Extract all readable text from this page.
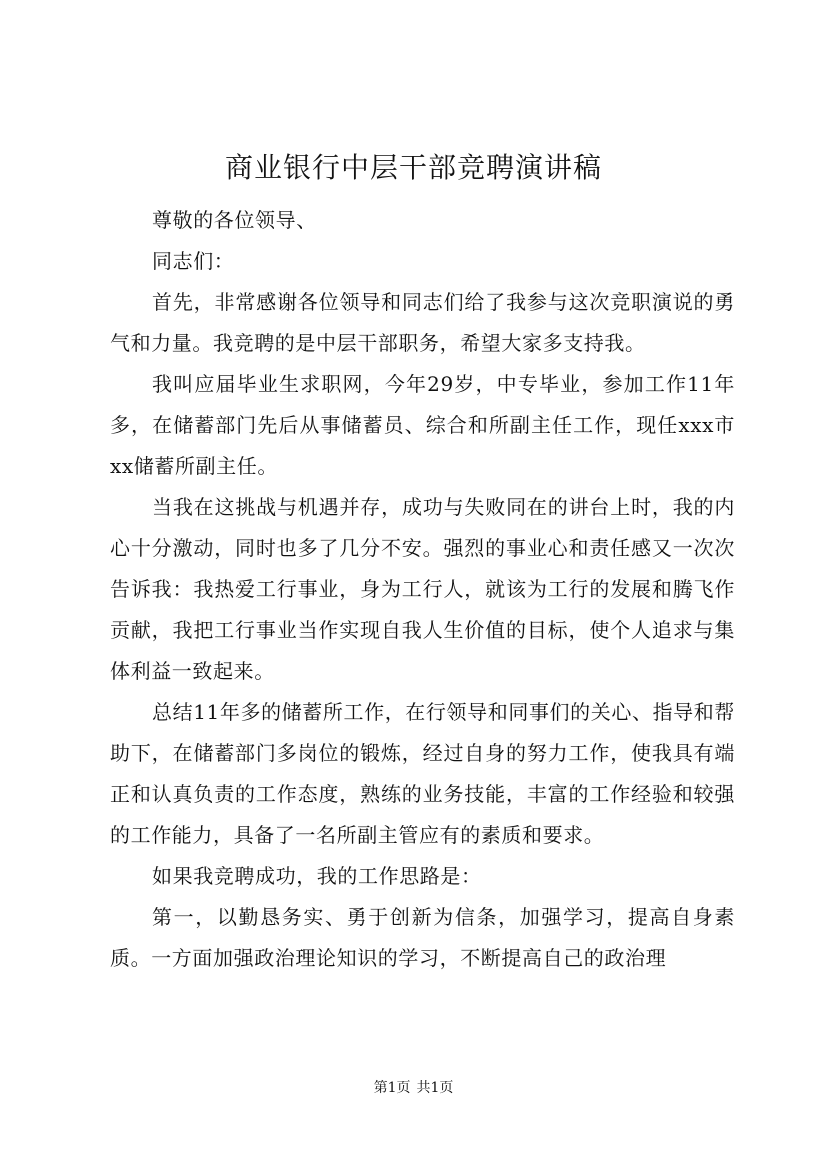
商业银行中层干部竞聘演讲稿

尊敬的各位领导、

同志们：

首先，非常感谢各位领导和同志们给了我参与这次竞职演说的勇气和力量。我竞聘的是中层干部职务，希望大家多支持我。

我叫应届毕业生求职网，今年29岁，中专毕业，参加工作11年多，在储蓄部门先后从事储蓄员、综合和所副主任工作，现任xxx市xx储蓄所副主任。

当我在这挑战与机遇并存，成功与失败同在的讲台上时，我的内心十分激动，同时也多了几分不安。强烈的事业心和责任感又一次次告诉我：我热爱工行事业，身为工行人，就该为工行的发展和腾飞作贡献，我把工行事业当作实现自我人生价值的目标，使个人追求与集体利益一致起来。

总结11年多的储蓄所工作，在行领导和同事们的关心、指导和帮助下，在储蓄部门多岗位的锻炼，经过自身的努力工作，使我具有端正和认真负责的工作态度，熟练的业务技能，丰富的工作经验和较强的工作能力，具备了一名所副主管应有的素质和要求。

如果我竞聘成功，我的工作思路是：

第一，以勤恳务实、勇于创新为信条，加强学习，提高自身素质。一方面加强政治理论知识的学习，不断提高自己的政治理

第1页 共1页
